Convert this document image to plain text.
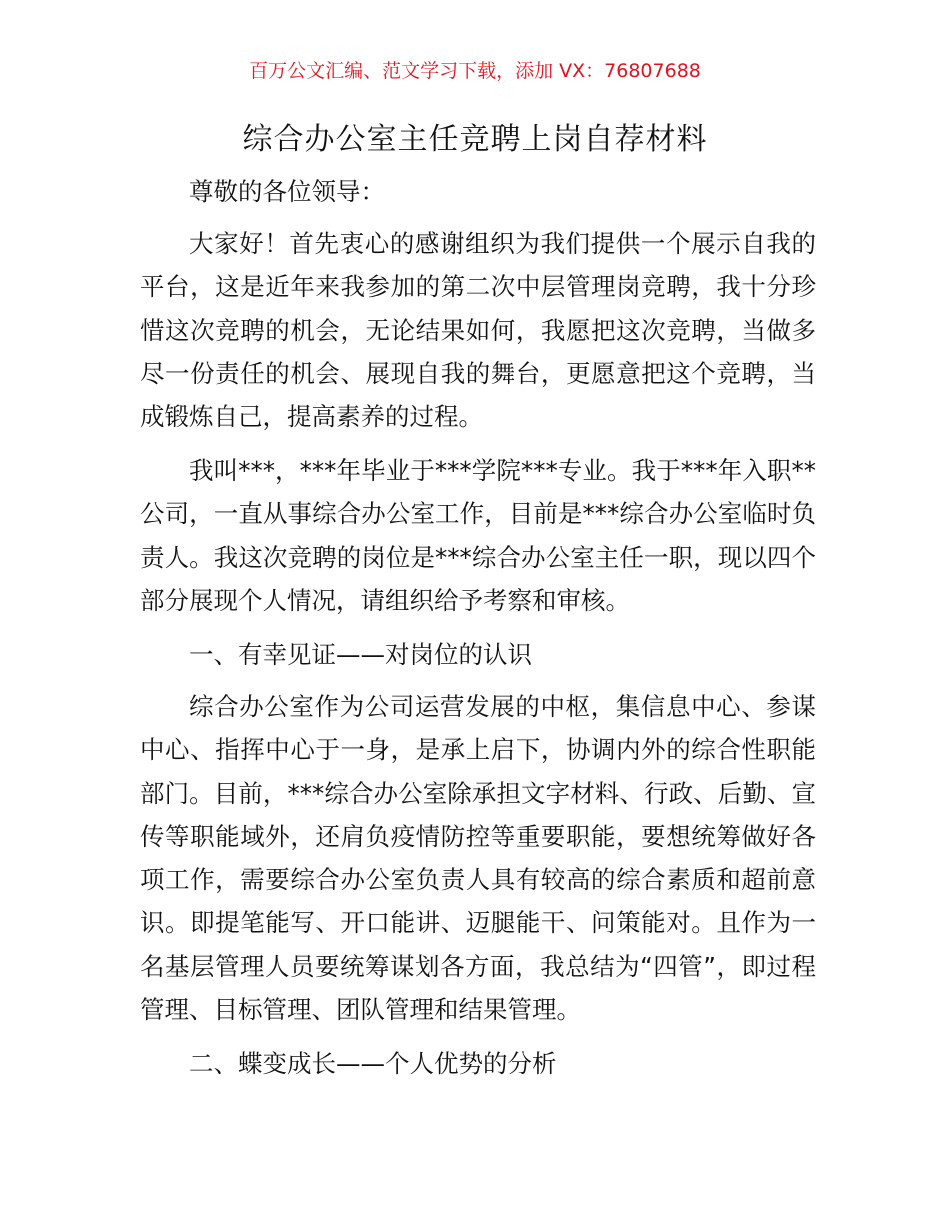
百万公文汇编、范文学习下载，添加 VX：76807688
综合办公室主任竞聘上岗自荐材料

尊敬的各位领导：

大家好！首先衷心的感谢组织为我们提供一个展示自我的平台，这是近年来我参加的第二次中层管理岗竞聘，我十分珍惜这次竞聘的机会，无论结果如何，我愿把这次竞聘，当做多尽一份责任的机会、展现自我的舞台，更愿意把这个竞聘，当成锻炼自己，提高素养的过程。

我叫***，***年毕业于***学院***专业。我于***年入职**公司，一直从事综合办公室工作，目前是***综合办公室临时负责人。我这次竞聘的岗位是***综合办公室主任一职，现以四个部分展现个人情况，请组织给予考察和审核。

一、有幸见证——对岗位的认识

综合办公室作为公司运营发展的中枢，集信息中心、参谋中心、指挥中心于一身，是承上启下，协调内外的综合性职能部门。目前，***综合办公室除承担文字材料、行政、后勤、宣传等职能域外，还肩负疫情防控等重要职能，要想统筹做好各项工作，需要综合办公室负责人具有较高的综合素质和超前意识。即提笔能写、开口能讲、迈腿能干、问策能对。且作为一名基层管理人员要统筹谋划各方面，我总结为“四管”，即过程管理、目标管理、团队管理和结果管理。

二、蝶变成长——个人优势的分析
